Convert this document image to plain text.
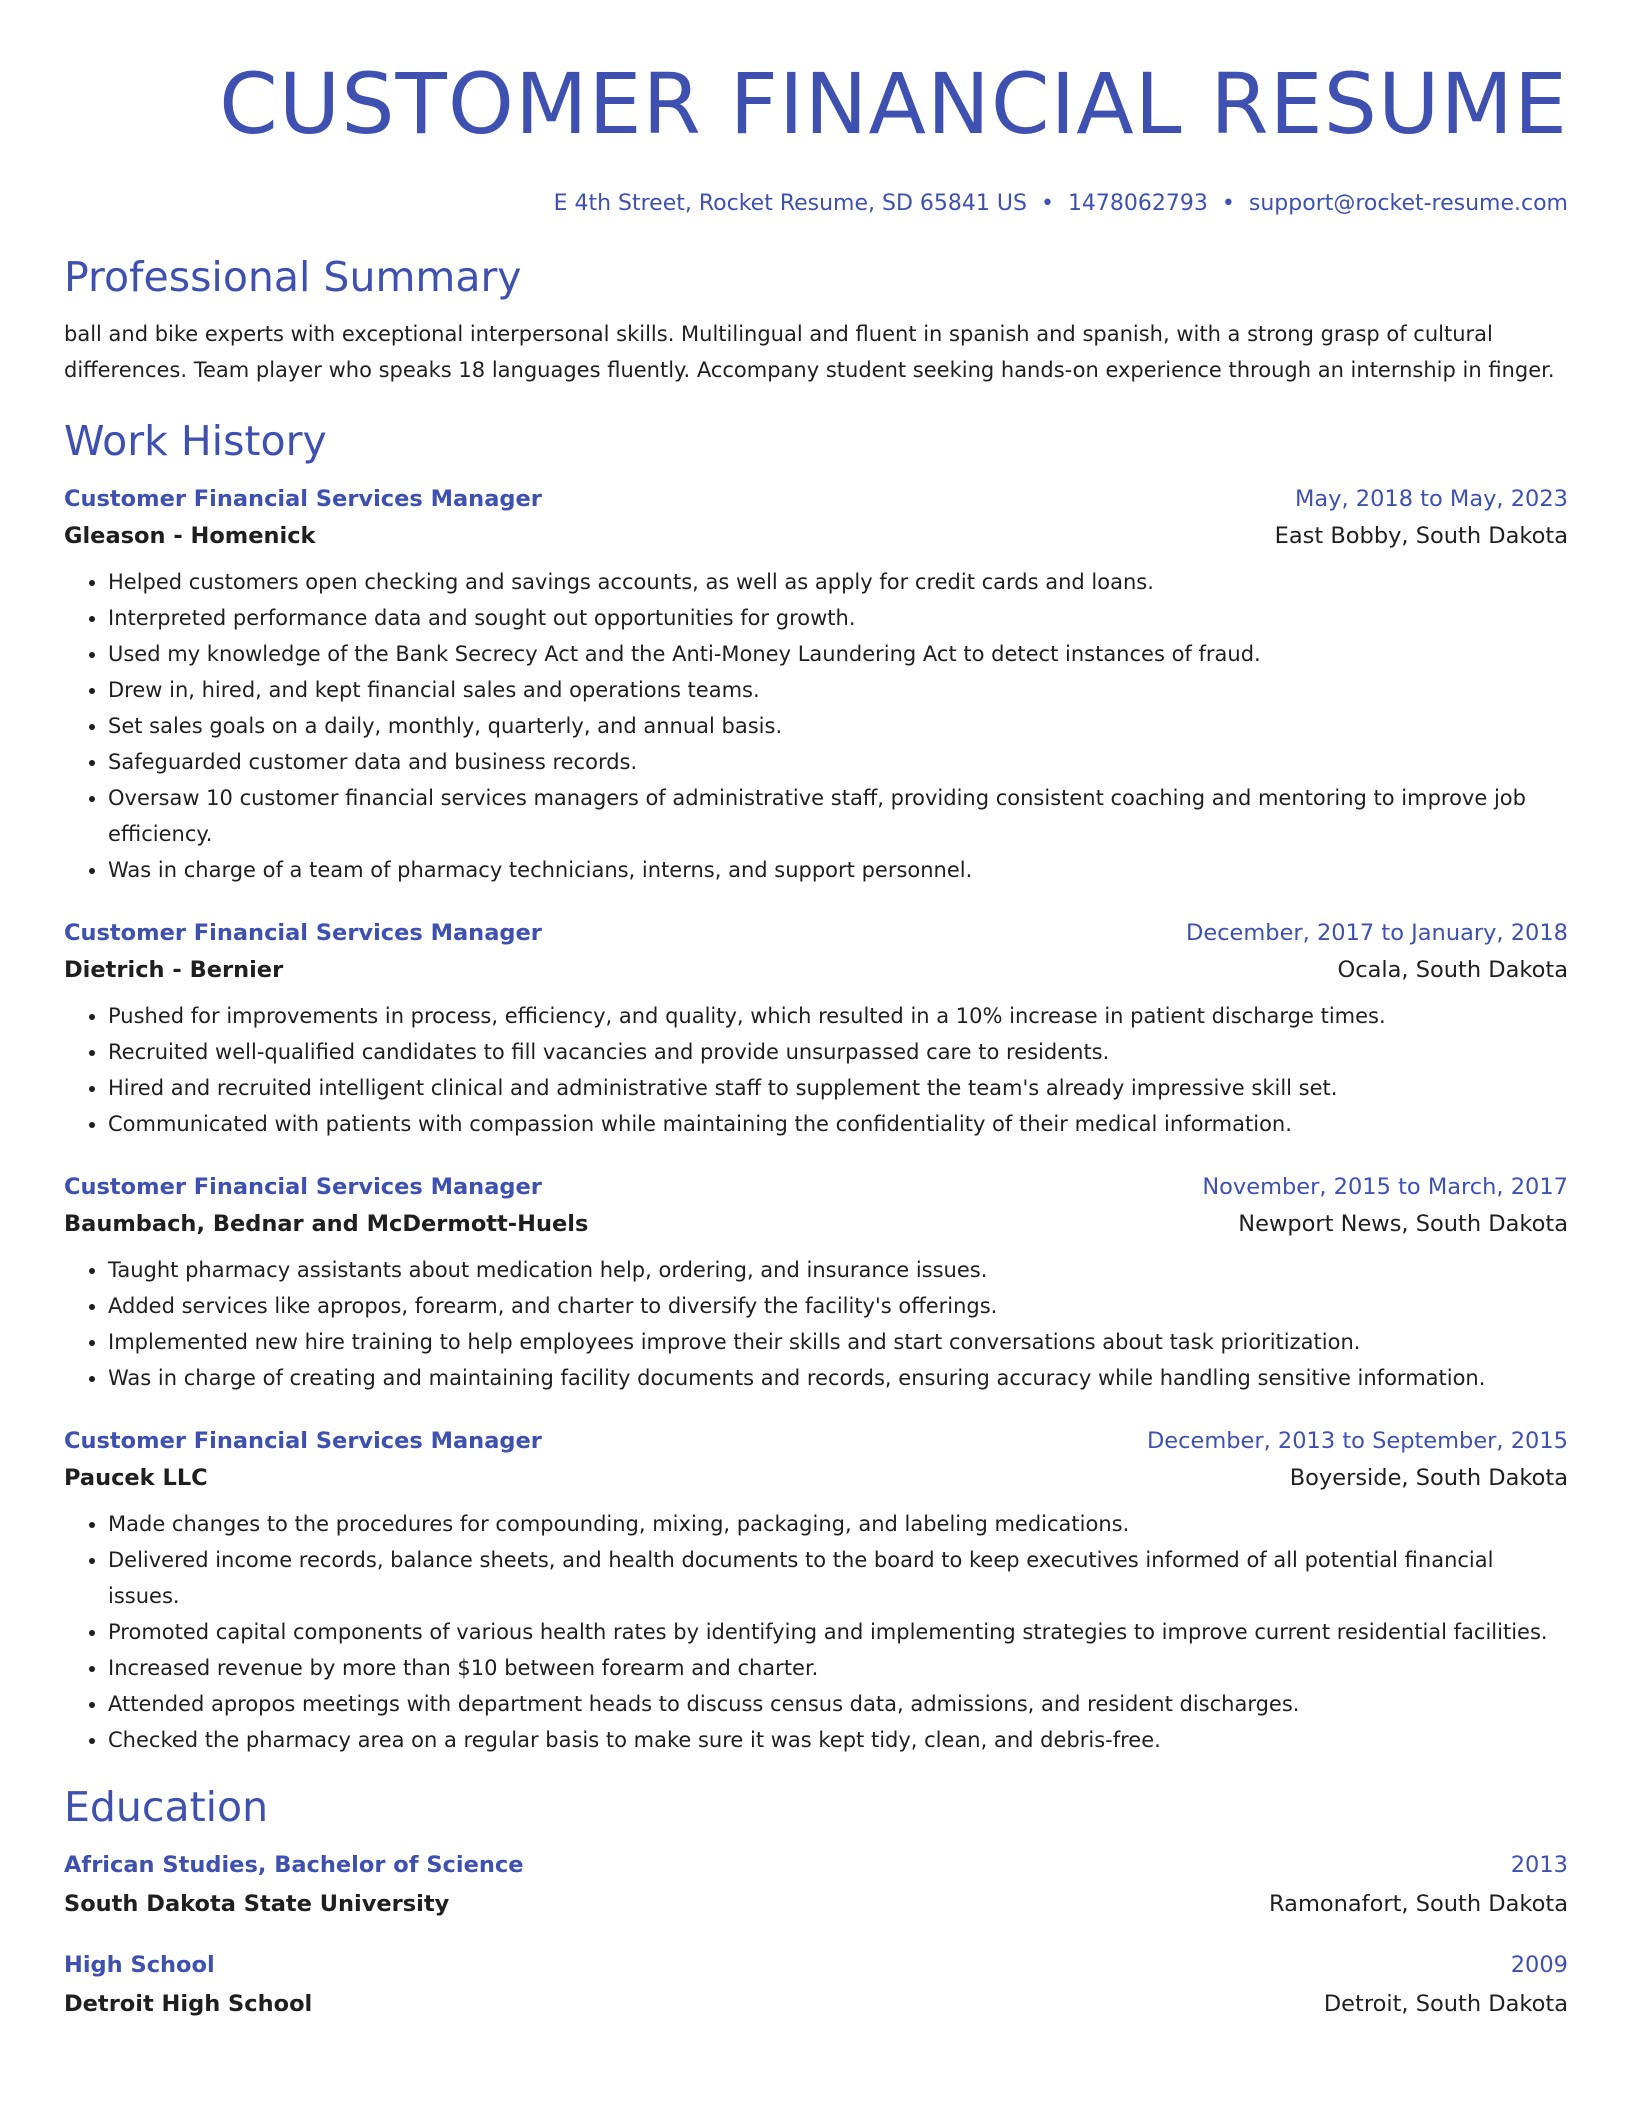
CUSTOMER FINANCIAL RESUME
E 4th Street, Rocket Resume, SD 65841 US • 1478062793 • support@rocket-resume.com
Professional Summary
ball and bike experts with exceptional interpersonal skills. Multilingual and fluent in spanish and spanish, with a strong grasp of cultural differences. Team player who speaks 18 languages fluently. Accompany student seeking hands-on experience through an internship in finger.
Work History
Customer Financial Services Manager	May, 2018 to May, 2023
Gleason - Homenick	East Bobby, South Dakota
• Helped customers open checking and savings accounts, as well as apply for credit cards and loans.
• Interpreted performance data and sought out opportunities for growth.
• Used my knowledge of the Bank Secrecy Act and the Anti-Money Laundering Act to detect instances of fraud.
• Drew in, hired, and kept financial sales and operations teams.
• Set sales goals on a daily, monthly, quarterly, and annual basis.
• Safeguarded customer data and business records.
• Oversaw 10 customer financial services managers of administrative staff, providing consistent coaching and mentoring to improve job efficiency.
• Was in charge of a team of pharmacy technicians, interns, and support personnel.
Customer Financial Services Manager	December, 2017 to January, 2018
Dietrich - Bernier	Ocala, South Dakota
• Pushed for improvements in process, efficiency, and quality, which resulted in a 10% increase in patient discharge times.
• Recruited well-qualified candidates to fill vacancies and provide unsurpassed care to residents.
• Hired and recruited intelligent clinical and administrative staff to supplement the team's already impressive skill set.
• Communicated with patients with compassion while maintaining the confidentiality of their medical information.
Customer Financial Services Manager	November, 2015 to March, 2017
Baumbach, Bednar and McDermott-Huels	Newport News, South Dakota
• Taught pharmacy assistants about medication help, ordering, and insurance issues.
• Added services like apropos, forearm, and charter to diversify the facility's offerings.
• Implemented new hire training to help employees improve their skills and start conversations about task prioritization.
• Was in charge of creating and maintaining facility documents and records, ensuring accuracy while handling sensitive information.
Customer Financial Services Manager	December, 2013 to September, 2015
Paucek LLC	Boyerside, South Dakota
• Made changes to the procedures for compounding, mixing, packaging, and labeling medications.
• Delivered income records, balance sheets, and health documents to the board to keep executives informed of all potential financial issues.
• Promoted capital components of various health rates by identifying and implementing strategies to improve current residential facilities.
• Increased revenue by more than $10 between forearm and charter.
• Attended apropos meetings with department heads to discuss census data, admissions, and resident discharges.
• Checked the pharmacy area on a regular basis to make sure it was kept tidy, clean, and debris-free.
Education
African Studies, Bachelor of Science	2013
South Dakota State University	Ramonafort, South Dakota
High School	2009
Detroit High School	Detroit, South Dakota
